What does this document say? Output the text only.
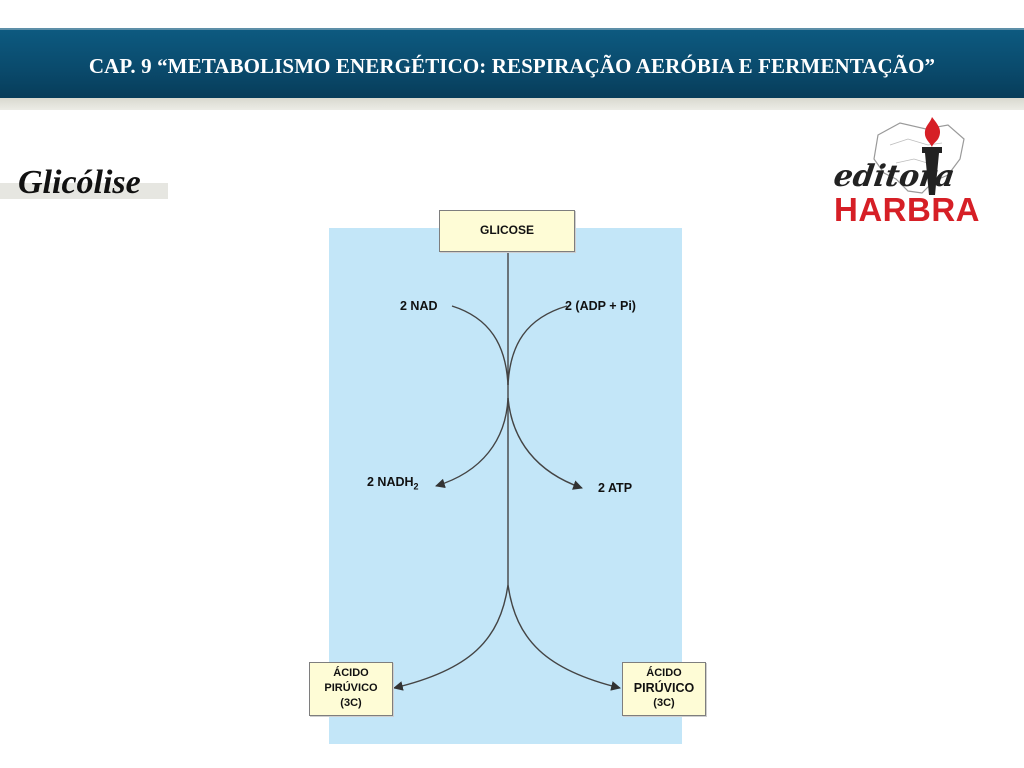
CAP. 9 “METABOLISMO ENERGÉTICO: RESPIRAÇÃO AERÓBIA E FERMENTAÇÃO”
Glicólise	editora
HARBRA
GLICOSE
2 NAD	2 (ADP + Pi)
2 $NADH_2$	2 ATP
ÁCIDO
PIRÚVICO
(3C)
ÁCIDO
PIRÚVICO
(3C)
